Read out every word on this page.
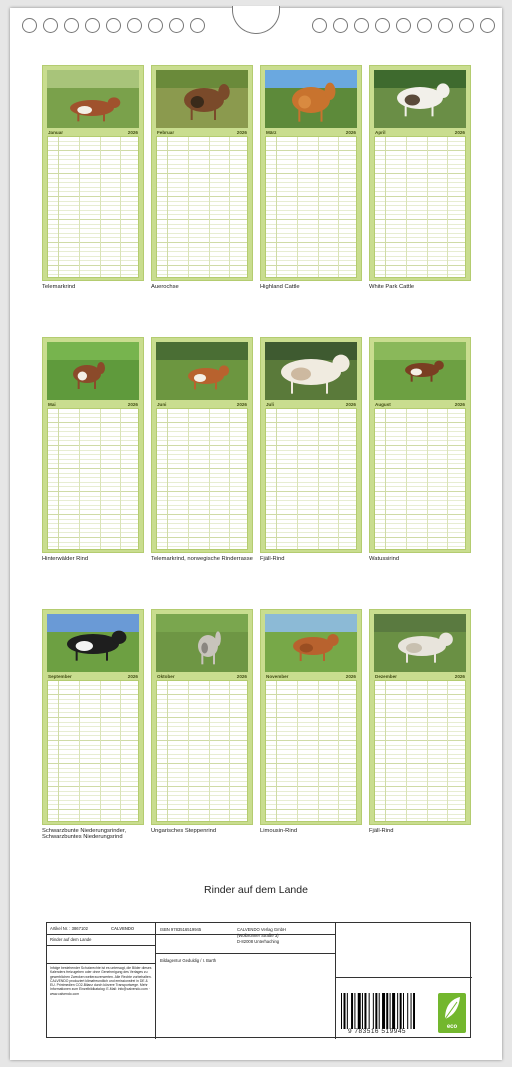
Januar	2026
Telemarkrind
Februar	2026
Auerochse
März	2026
Highland Cattle
April	2026
White Park Cattle
Mai	2026
Hinterwälder Rind
Juni	2026
Telemarkrind, norwegische Rinderrasse
Juli	2026
Fjäll-Rind
August	2026
Watussirind
September	2026
Schwarzbunte Niederungsrinder, Schwarzbuntes Niederungsrind
Oktober	2026
Ungarisches Steppenrind
November	2026
Limousin-Rind
Dezember	2026
Fjäll-Rind
Rinder auf dem Lande
Artikel Nr. : 3867102	CALVENDO
Rinder auf dem Lande
Infolge bestehender Schutzrechte ist es untersagt, die Bilder dieses Kalenders freizugeben oder ohne Genehmigung des Verlages zu gewerblichen Zwecken weiterzuverwerten. Alle Rechte vorbehalten. CALVENDO produziert klimafreundlich und emissionsfrei in DE & EU. Printmedien CO2-Bilanz durch kürzere Transportwege. Mehr Informationen zum Einzelbildkatalog: E-Mail: info@calvendo.com · www.calvendo.com
ISBN 9783516519945
Bildagentur Geduldig / I. Barth
CALVENDO Verlag GmbH
(Wolbrunner Straße 3)
D-82008 Unterhaching
9 783516 519945
eco
